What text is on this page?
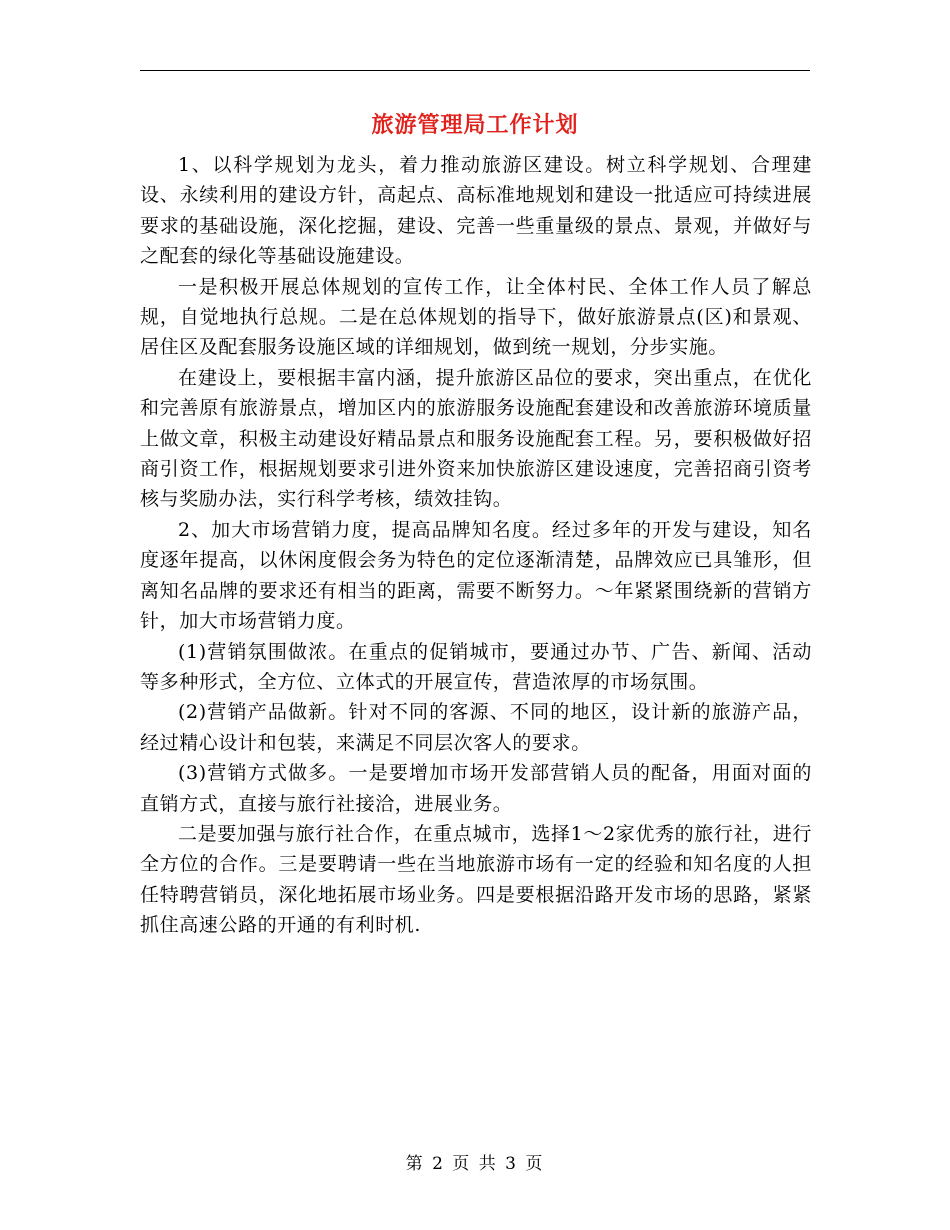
旅游管理局工作计划

1、以科学规划为龙头，着力推动旅游区建设。树立科学规划、合理建设、永续利用的建设方针，高起点、高标准地规划和建设一批适应可持续进展要求的基础设施，深化挖掘，建设、完善一些重量级的景点、景观，并做好与之配套的绿化等基础设施建设。

一是积极开展总体规划的宣传工作，让全体村民、全体工作人员了解总规，自觉地执行总规。二是在总体规划的指导下，做好旅游景点(区)和景观、居住区及配套服务设施区域的详细规划，做到统一规划，分步实施。

在建设上，要根据丰富内涵，提升旅游区品位的要求，突出重点，在优化和完善原有旅游景点，增加区内的旅游服务设施配套建设和改善旅游环境质量上做文章，积极主动建设好精品景点和服务设施配套工程。另，要积极做好招商引资工作，根据规划要求引进外资来加快旅游区建设速度，完善招商引资考核与奖励办法，实行科学考核，绩效挂钩。

2、加大市场营销力度，提高品牌知名度。经过多年的开发与建设，知名度逐年提高，以休闲度假会务为特色的定位逐渐清楚，品牌效应已具雏形，但离知名品牌的要求还有相当的距离，需要不断努力。～年紧紧围绕新的营销方针，加大市场营销力度。

(1)营销氛围做浓。在重点的促销城市，要通过办节、广告、新闻、活动等多种形式，全方位、立体式的开展宣传，营造浓厚的市场氛围。

(2)营销产品做新。针对不同的客源、不同的地区，设计新的旅游产品，经过精心设计和包装，来满足不同层次客人的要求。

(3)营销方式做多。一是要增加市场开发部营销人员的配备，用面对面的直销方式，直接与旅行社接洽，进展业务。

二是要加强与旅行社合作，在重点城市，选择1～2家优秀的旅行社，进行全方位的合作。三是要聘请一些在当地旅游市场有一定的经验和知名度的人担任特聘营销员，深化地拓展市场业务。四是要根据沿路开发市场的思路，紧紧抓住高速公路的开通的有利时机.

第 2 页 共 3 页
